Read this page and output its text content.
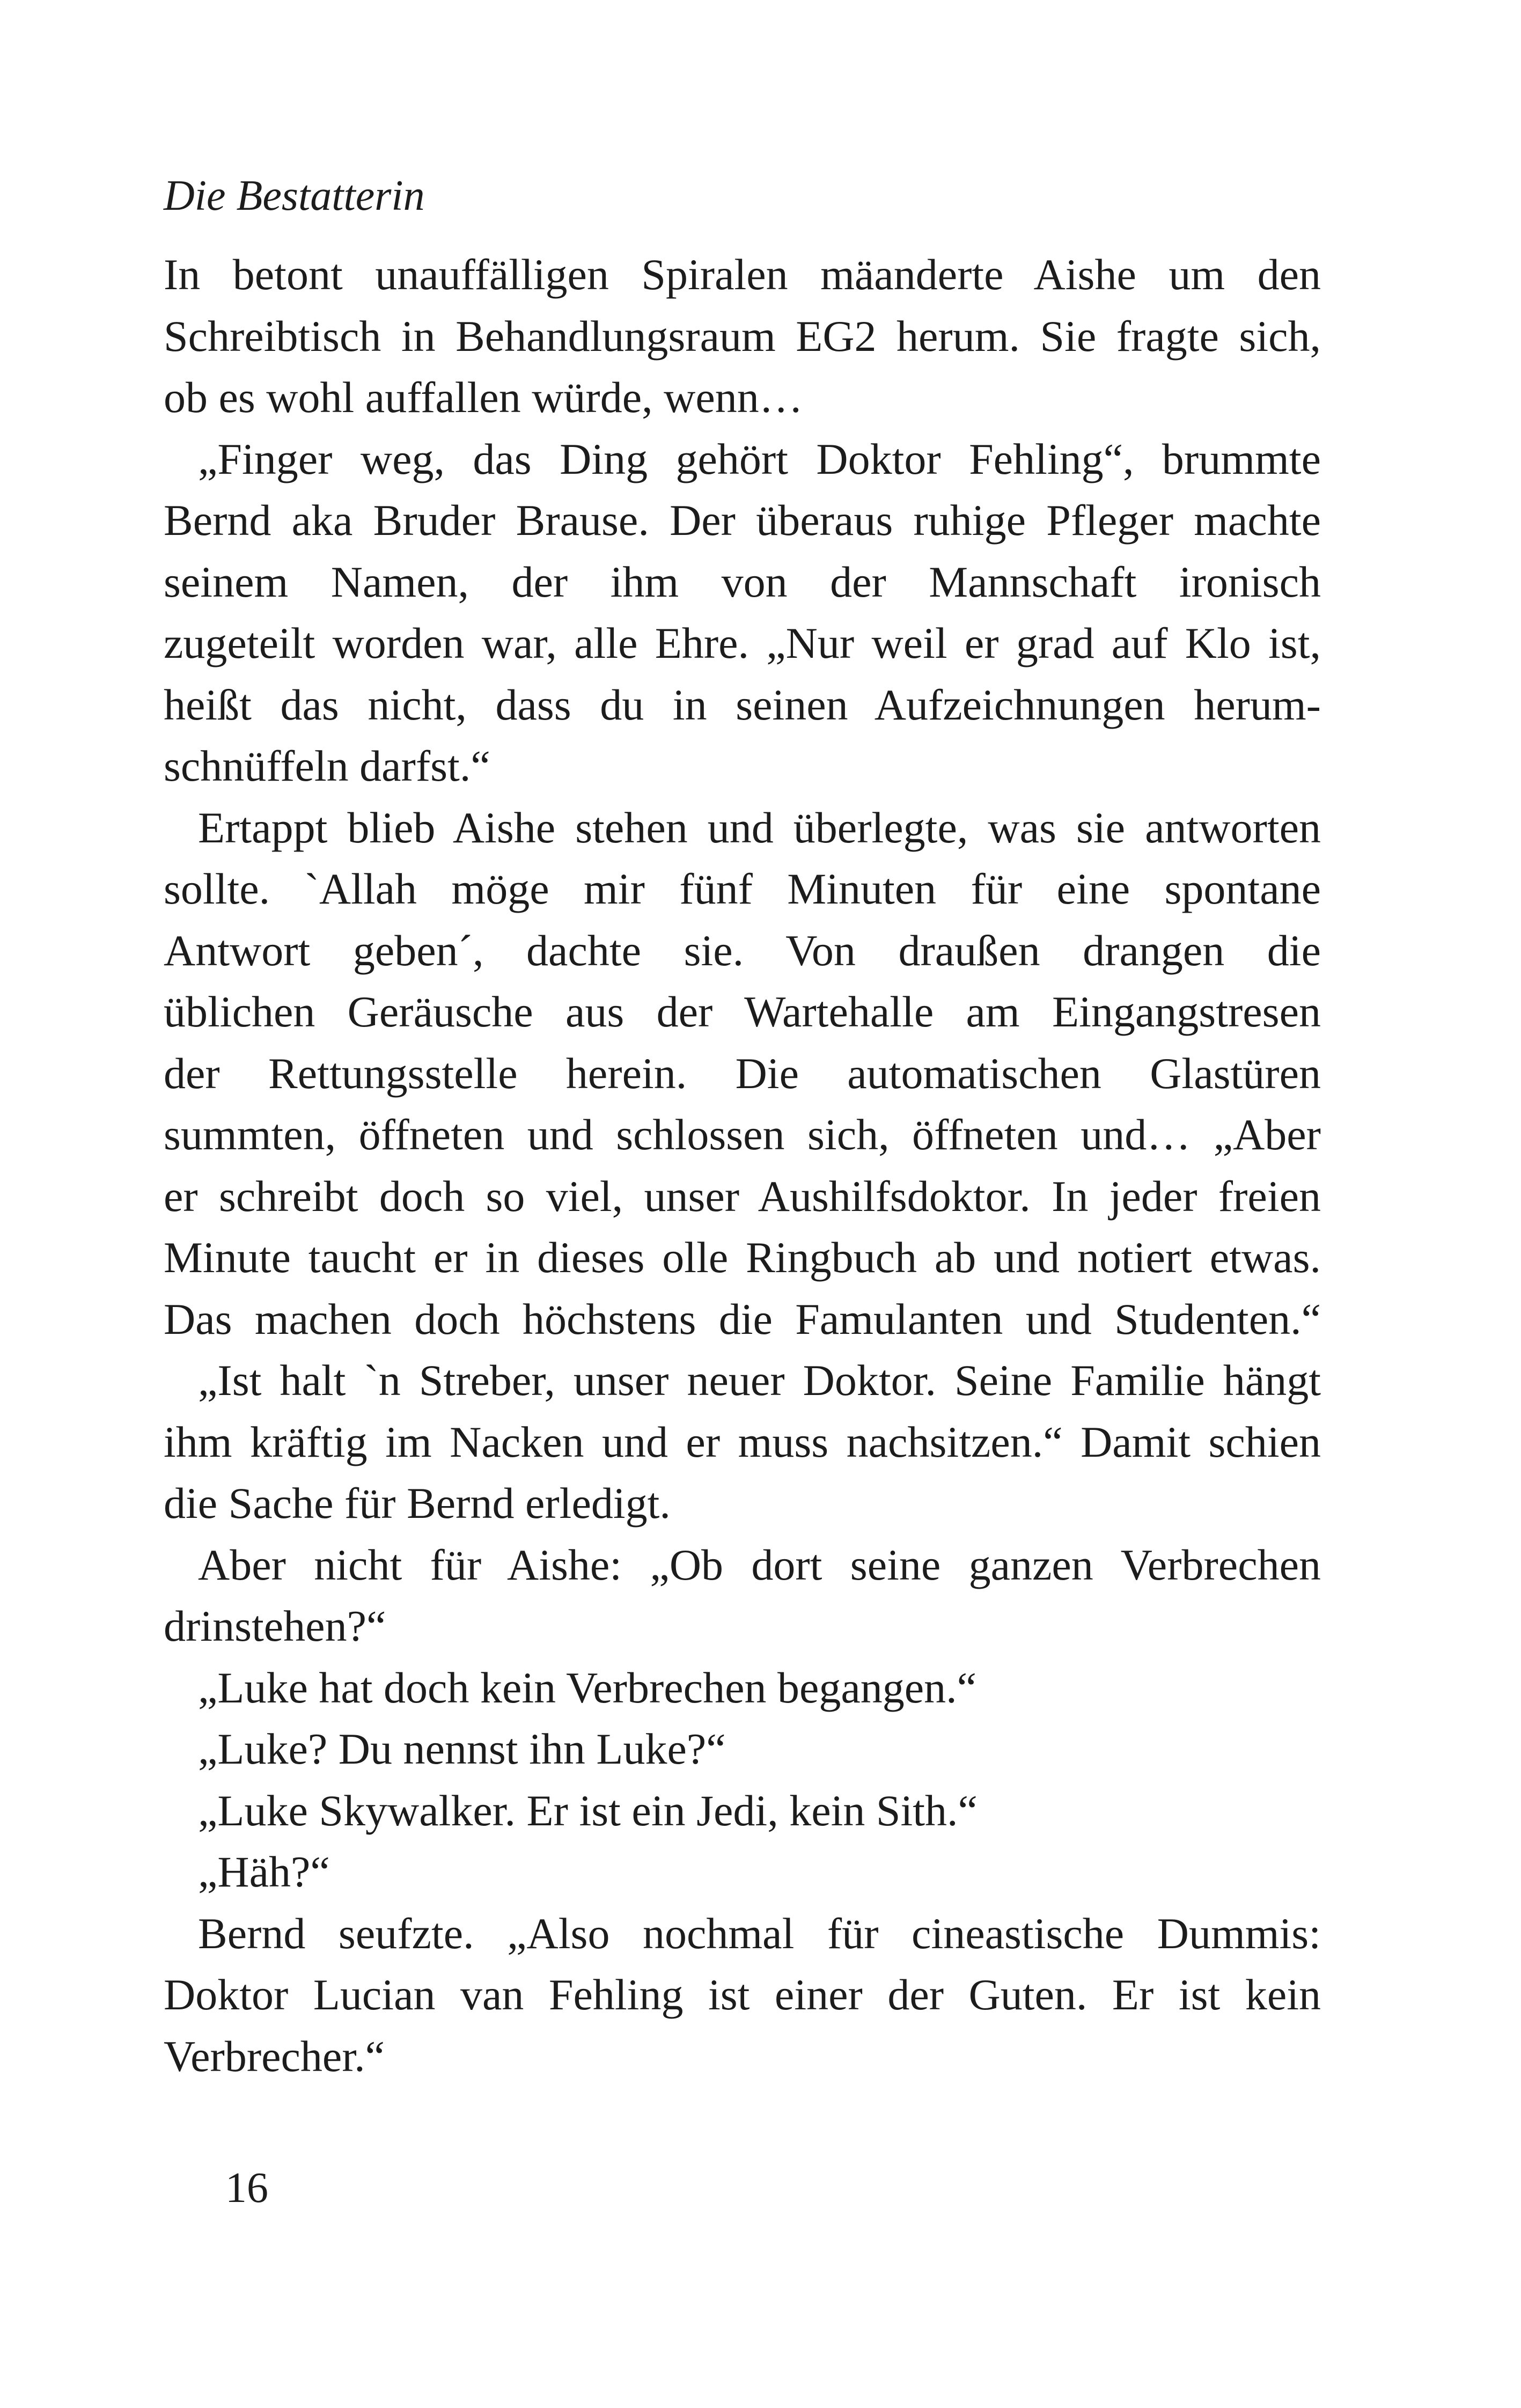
Die Bestatterin
In betont unauffälligen Spiralen mäanderte Aishe um den
Schreibtisch in Behandlungsraum EG2 herum. Sie fragte sich,
ob es wohl auffallen würde, wenn…
„Finger weg, das Ding gehört Doktor Fehling“, brummte
Bernd aka Bruder Brause. Der überaus ruhige Pfleger machte
seinem Namen, der ihm von der Mannschaft ironisch
zugeteilt worden war, alle Ehre. „Nur weil er grad auf Klo ist,
heißt das nicht, dass du in seinen Aufzeichnungen herum-
schnüffeln darfst.“
Ertappt blieb Aishe stehen und überlegte, was sie antworten
sollte. `Allah möge mir fünf Minuten für eine spontane
Antwort geben´, dachte sie. Von draußen drangen die
üblichen Geräusche aus der Wartehalle am Eingangstresen
der Rettungsstelle herein. Die automatischen Glastüren
summten, öffneten und schlossen sich, öffneten und… „Aber
er schreibt doch so viel, unser Aushilfsdoktor. In jeder freien
Minute taucht er in dieses olle Ringbuch ab und notiert etwas.
Das machen doch höchstens die Famulanten und Studenten.“
„Ist halt `n Streber, unser neuer Doktor. Seine Familie hängt
ihm kräftig im Nacken und er muss nachsitzen.“ Damit schien
die Sache für Bernd erledigt.
Aber nicht für Aishe: „Ob dort seine ganzen Verbrechen
drinstehen?“
„Luke hat doch kein Verbrechen begangen.“
„Luke? Du nennst ihn Luke?“
„Luke Skywalker. Er ist ein Jedi, kein Sith.“
„Häh?“
Bernd seufzte. „Also nochmal für cineastische Dummis:
Doktor Lucian van Fehling ist einer der Guten. Er ist kein
Verbrecher.“
16
